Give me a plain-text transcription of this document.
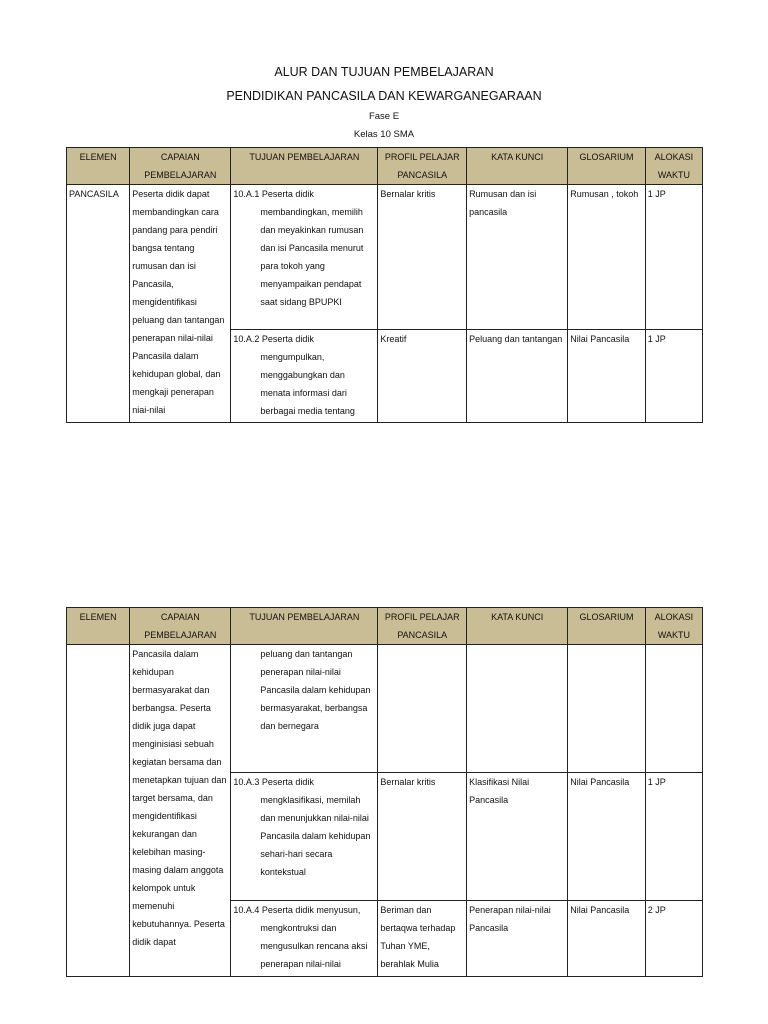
ALUR DAN TUJUAN PEMBELAJARAN
PENDIDIKAN PANCASILA DAN KEWARGANEGARAAN
Fase E
Kelas 10 SMA
ELEMEN	CAPAIAN PEMBELAJARAN	TUJUAN PEMBELAJARAN	PROFIL PELAJAR PANCASILA	KATA KUNCI	GLOSARIUM	ALOKASI WAKTU
PANCASILA	Peserta didik dapat membandingkan cara pandang para pendiri bangsa tentang rumusan dan isi Pancasila, mengidentifikasi peluang dan tantangan penerapan nilai-nilai Pancasila dalam kehidupan global, dan mengkaji penerapan niai-nilai	10.A.1 Peserta didik membandingkan, memilih dan meyakinkan rumusan dan isi Pancasila menurut para tokoh yang menyampaikan pendapat saat sidang BPUPKI	Bernalar kritis	Rumusan dan isi pancasila	Rumusan , tokoh	1 JP

		10.A.2 Peserta didik mengumpulkan, menggabungkan dan menata informasi dari berbagai media tentang	Kreatif	Peluang dan tantangan	Nilai Pancasila	1 JP
ELEMEN	CAPAIAN PEMBELAJARAN	TUJUAN PEMBELAJARAN	PROFIL PELAJAR PANCASILA	KATA KUNCI	GLOSARIUM	ALOKASI WAKTU
	Pancasila dalam kehidupan bermasyarakat dan berbangsa. Peserta didik juga dapat menginisiasi sebuah kegiatan bersama dan menetapkan tujuan dan target bersama, dan mengidentifikasi kekurangan dan kelebihan masing-masing dalam anggota kelompok untuk memenuhi kebutuhannya. Peserta didik dapat	peluang dan tantangan penerapan nilai-nilai Pancasila dalam kehidupan bermasyarakat, berbangsa dan bernegara				

		10.A.3 Peserta didik mengklasifikasi, memilah dan menunjukkan nilai-nilai Pancasila dalam kehidupan sehari-hari secara kontekstual	Bernalar kritis	Klasifikasi Nilai Pancasila	Nilai Pancasila	1 JP

		10.A.4 Peserta didik menyusun, mengkontruksi dan mengusulkan rencana aksi penerapan nilai-nilai	Beriman dan bertaqwa terhadap Tuhan YME, berahlak Mulia	Penerapan nilai-nilai Pancasila	Nilai Pancasila	2 JP
